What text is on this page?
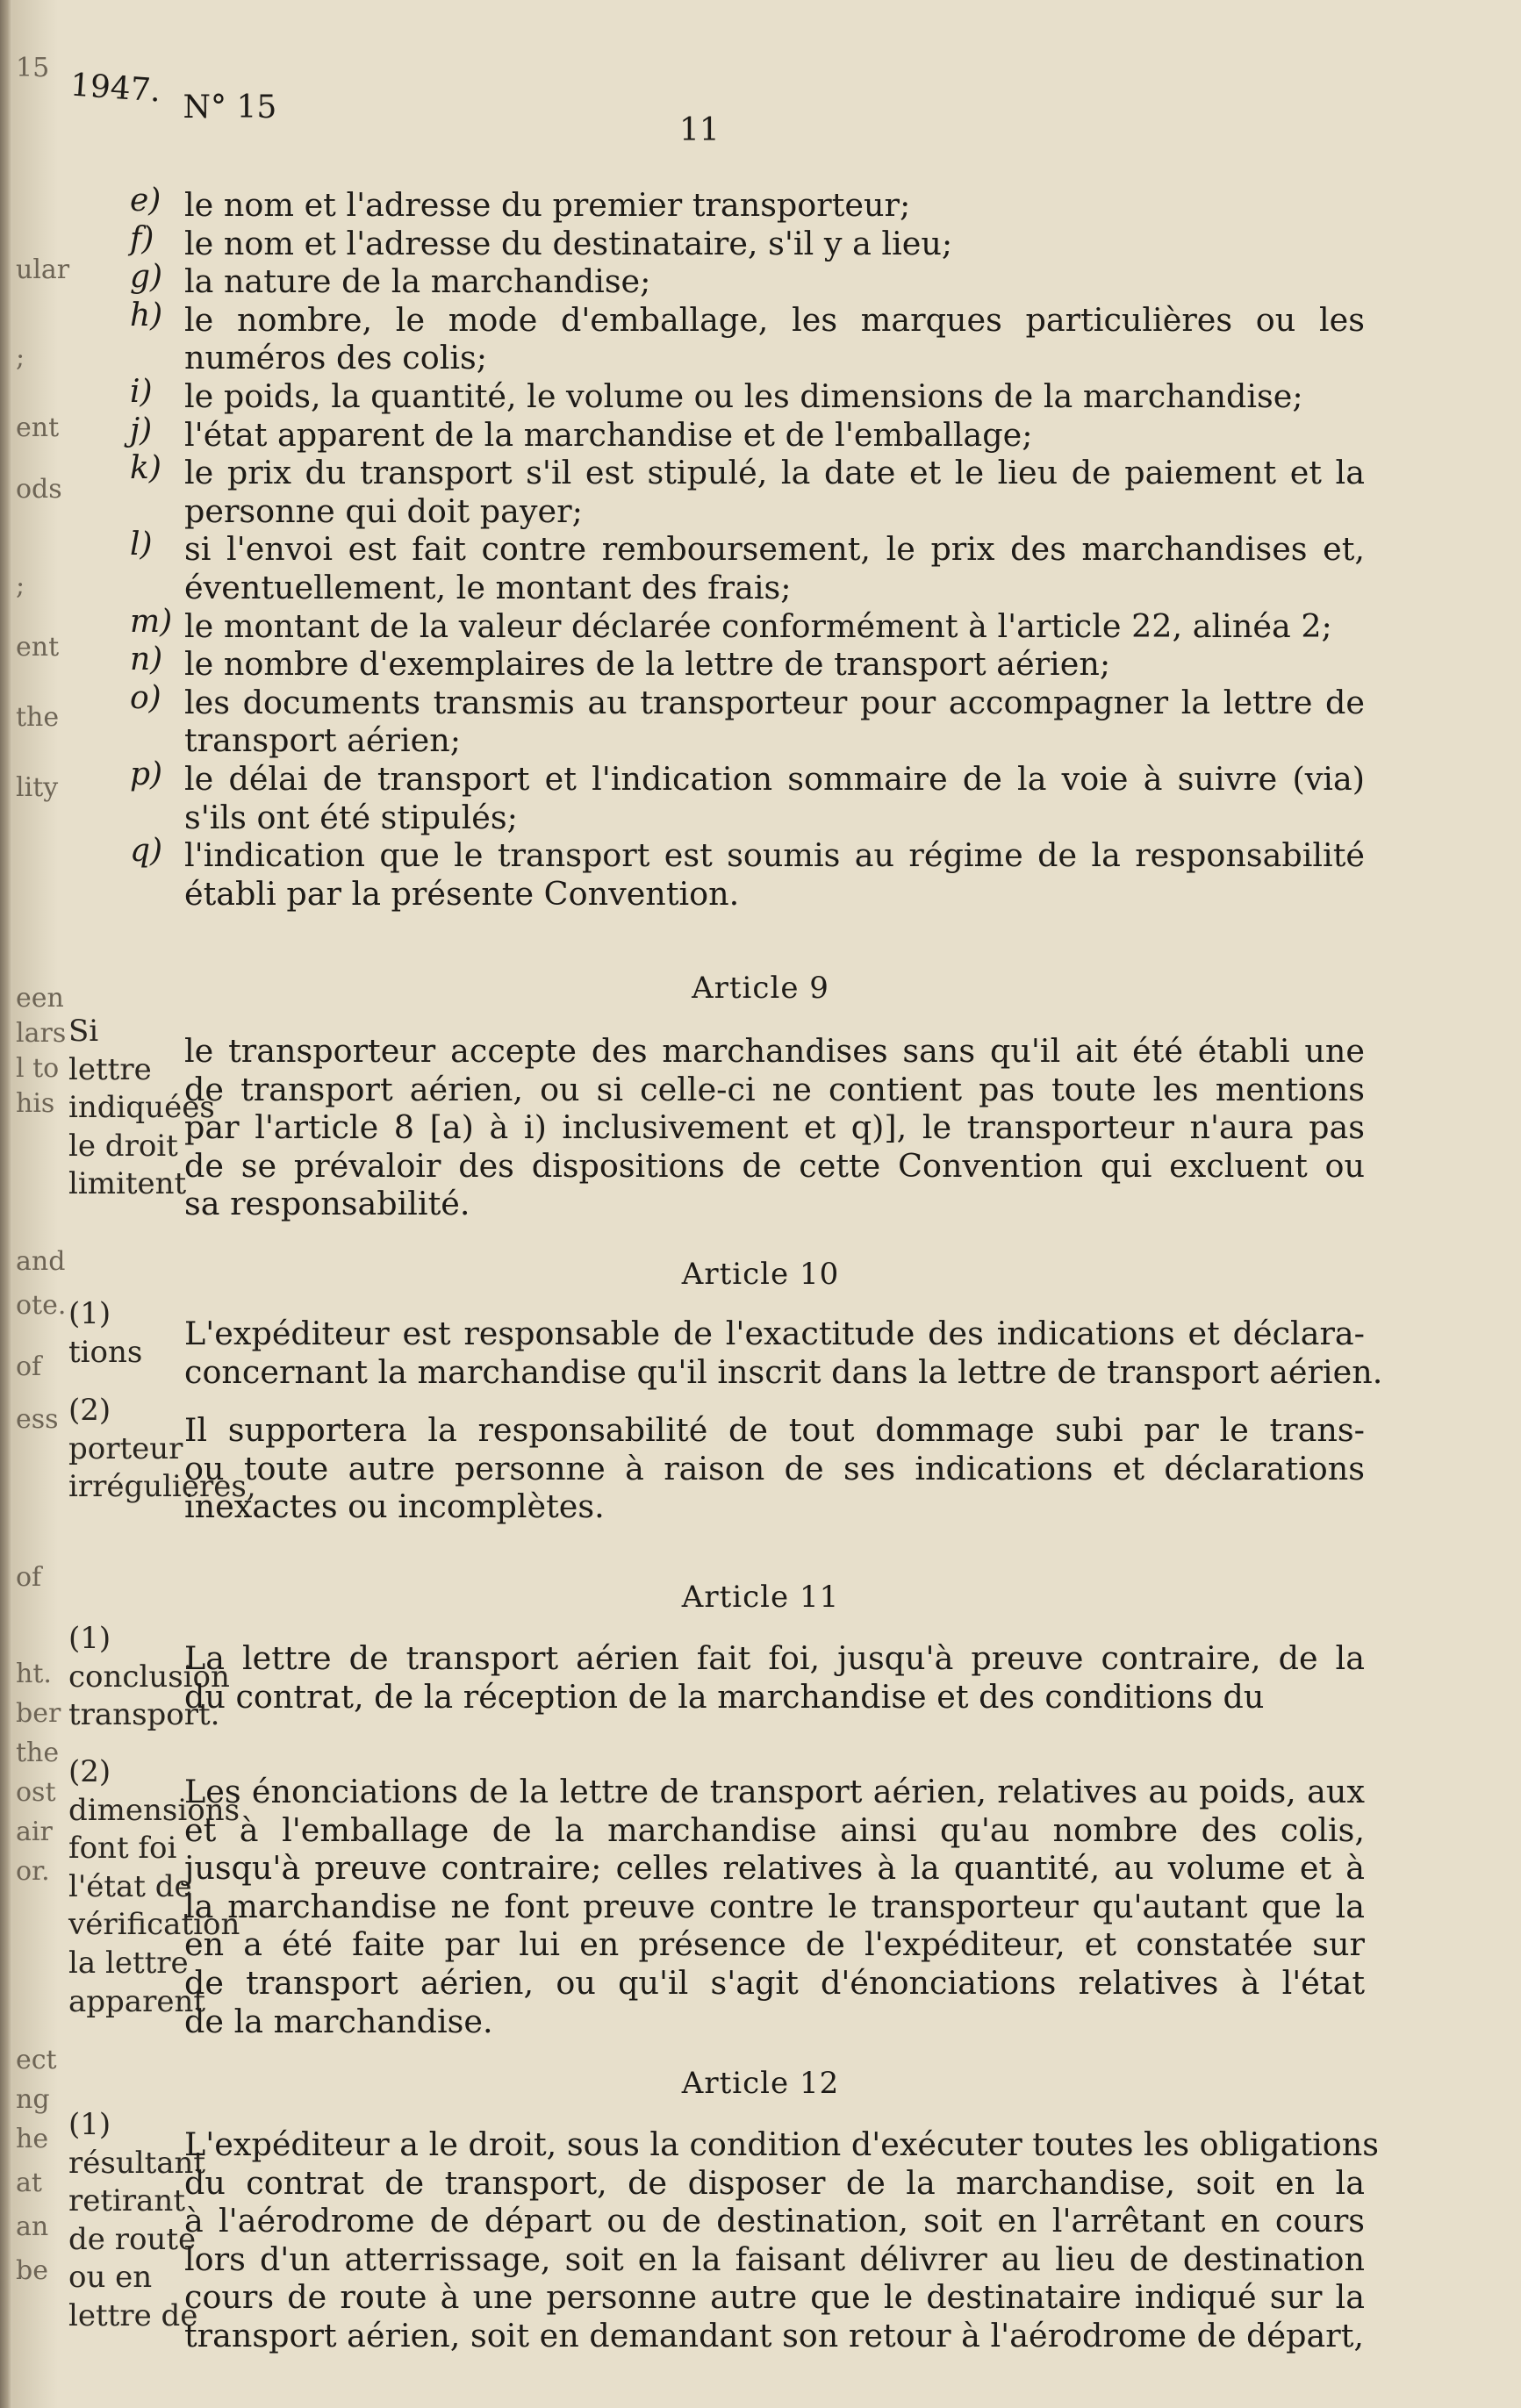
15
ular
;
ent
ods
;
ent
the
lity
een
lars
l to
his
and
ote.
of
ess
of
ht.
ber
the
ost
air
or.
ect
ng
he
at
an
be
1947. N° 15
11
e) le nom et l'adresse du premier transporteur;
f) le nom et l'adresse du destinataire, s'il y a lieu;
g) la nature de la marchandise;
h) le nombre, le mode d'emballage, les marques particulières ou les
numéros des colis;
i) le poids, la quantité, le volume ou les dimensions de la marchandise;
j) l'état apparent de la marchandise et de l'emballage;
k) le prix du transport s'il est stipulé, la date et le lieu de paiement et la
personne qui doit payer;
l) si l'envoi est fait contre remboursement, le prix des marchandises et,
éventuellement, le montant des frais;
m) le montant de la valeur déclarée conformément à l'article 22, alinéa 2;
n) le nombre d'exemplaires de la lettre de transport aérien;
o) les documents transmis au transporteur pour accompagner la lettre de
transport aérien;
p) le délai de transport et l'indication sommaire de la voie à suivre (via)
s'ils ont été stipulés;
q) l'indication que le transport est soumis au régime de la responsabilité
établi par la présente Convention.
Article 9
Si
lettre
indiquées
le droit
limitent
le transporteur accepte des marchandises sans qu'il ait été établi une
de transport aérien, ou si celle-ci ne contient pas toute les mentions
par l'article 8 [a) à i) inclusivement et q)], le transporteur n'aura pas
de se prévaloir des dispositions de cette Convention qui excluent ou
sa responsabilité.
Article 10
(1)
tions	L'expéditeur est responsable de l'exactitude des indications et déclara-
concernant la marchandise qu'il inscrit dans la lettre de transport aérien.
(2)
porteur
irrégulières,
Il supportera la responsabilité de tout dommage subi par le trans-
ou toute autre personne à raison de ses indications et déclarations
inexactes ou incomplètes.
Article 11
(1)
conclusion
transport.
La lettre de transport aérien fait foi, jusqu'à preuve contraire, de la
du contrat, de la réception de la marchandise et des conditions du
(2)
dimensions
font foi
l'état de
vérification
la lettre
apparent
Les énonciations de la lettre de transport aérien, relatives au poids, aux
et à l'emballage de la marchandise ainsi qu'au nombre des colis,
jusqu'à preuve contraire; celles relatives à la quantité, au volume et à
la marchandise ne font preuve contre le transporteur qu'autant que la
en a été faite par lui en présence de l'expéditeur, et constatée sur
de transport aérien, ou qu'il s'agit d'énonciations relatives à l'état
de la marchandise.
Article 12
(1)
résultant
retirant
de route
ou en
lettre de
L'expéditeur a le droit, sous la condition d'exécuter toutes les obligations
du contrat de transport, de disposer de la marchandise, soit en la
à l'aérodrome de départ ou de destination, soit en l'arrêtant en cours
lors d'un atterrissage, soit en la faisant délivrer au lieu de destination
cours de route à une personne autre que le destinataire indiqué sur la
transport aérien, soit en demandant son retour à l'aérodrome de départ,
